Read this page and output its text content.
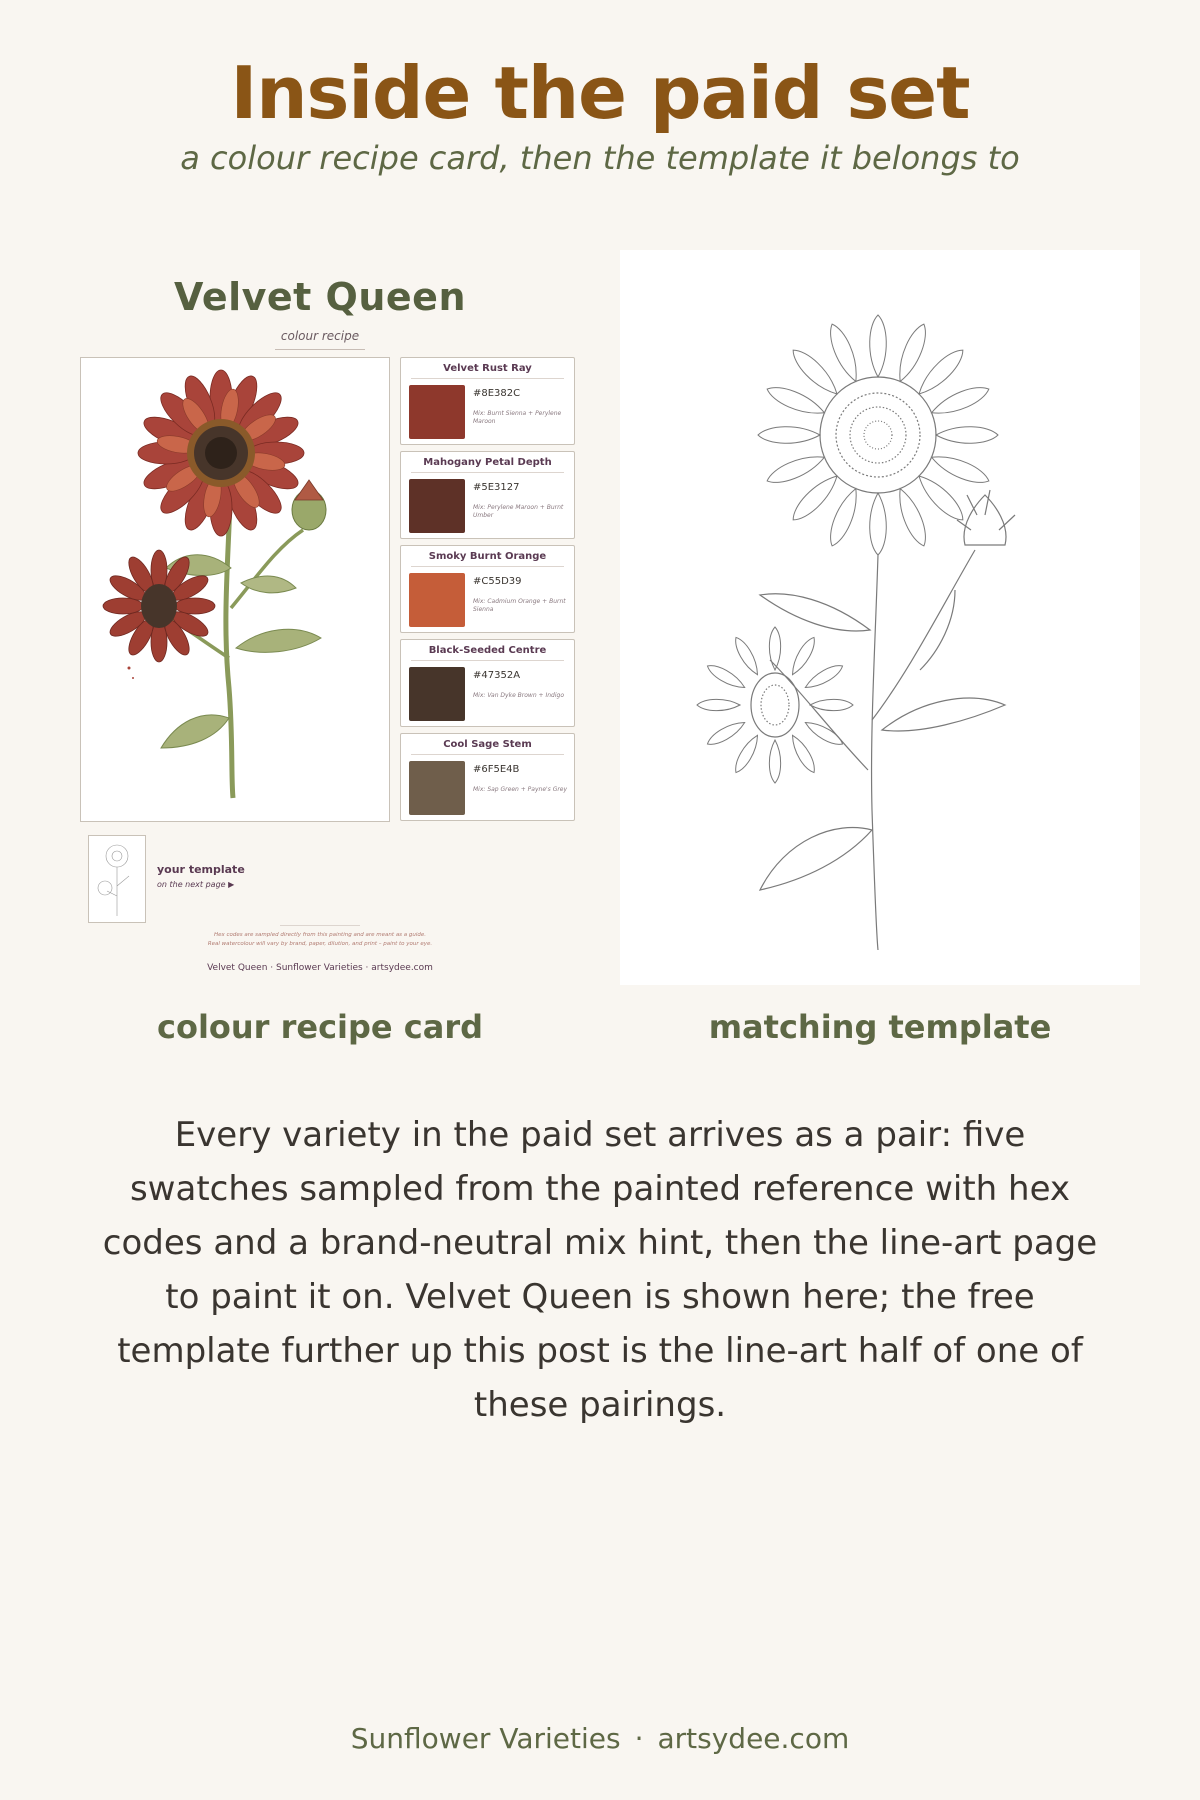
Inside the paid set
a colour recipe card, then the template it belongs to
Velvet Queen
colour recipe
Velvet Rust Ray
#8E382C
Mix: Burnt Sienna + Perylene Maroon
Mahogany Petal Depth
#5E3127
Mix: Perylene Maroon + Burnt Umber
Smoky Burnt Orange
#C55D39
Mix: Cadmium Orange + Burnt Sienna
Black-Seeded Centre
#47352A
Mix: Van Dyke Brown + Indigo
Cool Sage Stem
#6F5E4B
Mix: Sap Green + Payne's Grey
your template
on the next page ▶
Hex codes are sampled directly from this painting and are meant as a guide.
Real watercolour will vary by brand, paper, dilution, and print – paint to your eye.
Velvet Queen · Sunflower Varieties · artsydee.com
colour recipe card	matching template
Every variety in the paid set arrives as a pair: five swatches sampled from the painted reference with hex codes and a brand-neutral mix hint, then the line-art page to paint it on. Velvet Queen is shown here; the free template further up this post is the line-art half of one of these pairings.
Sunflower Varieties · artsydee.com
